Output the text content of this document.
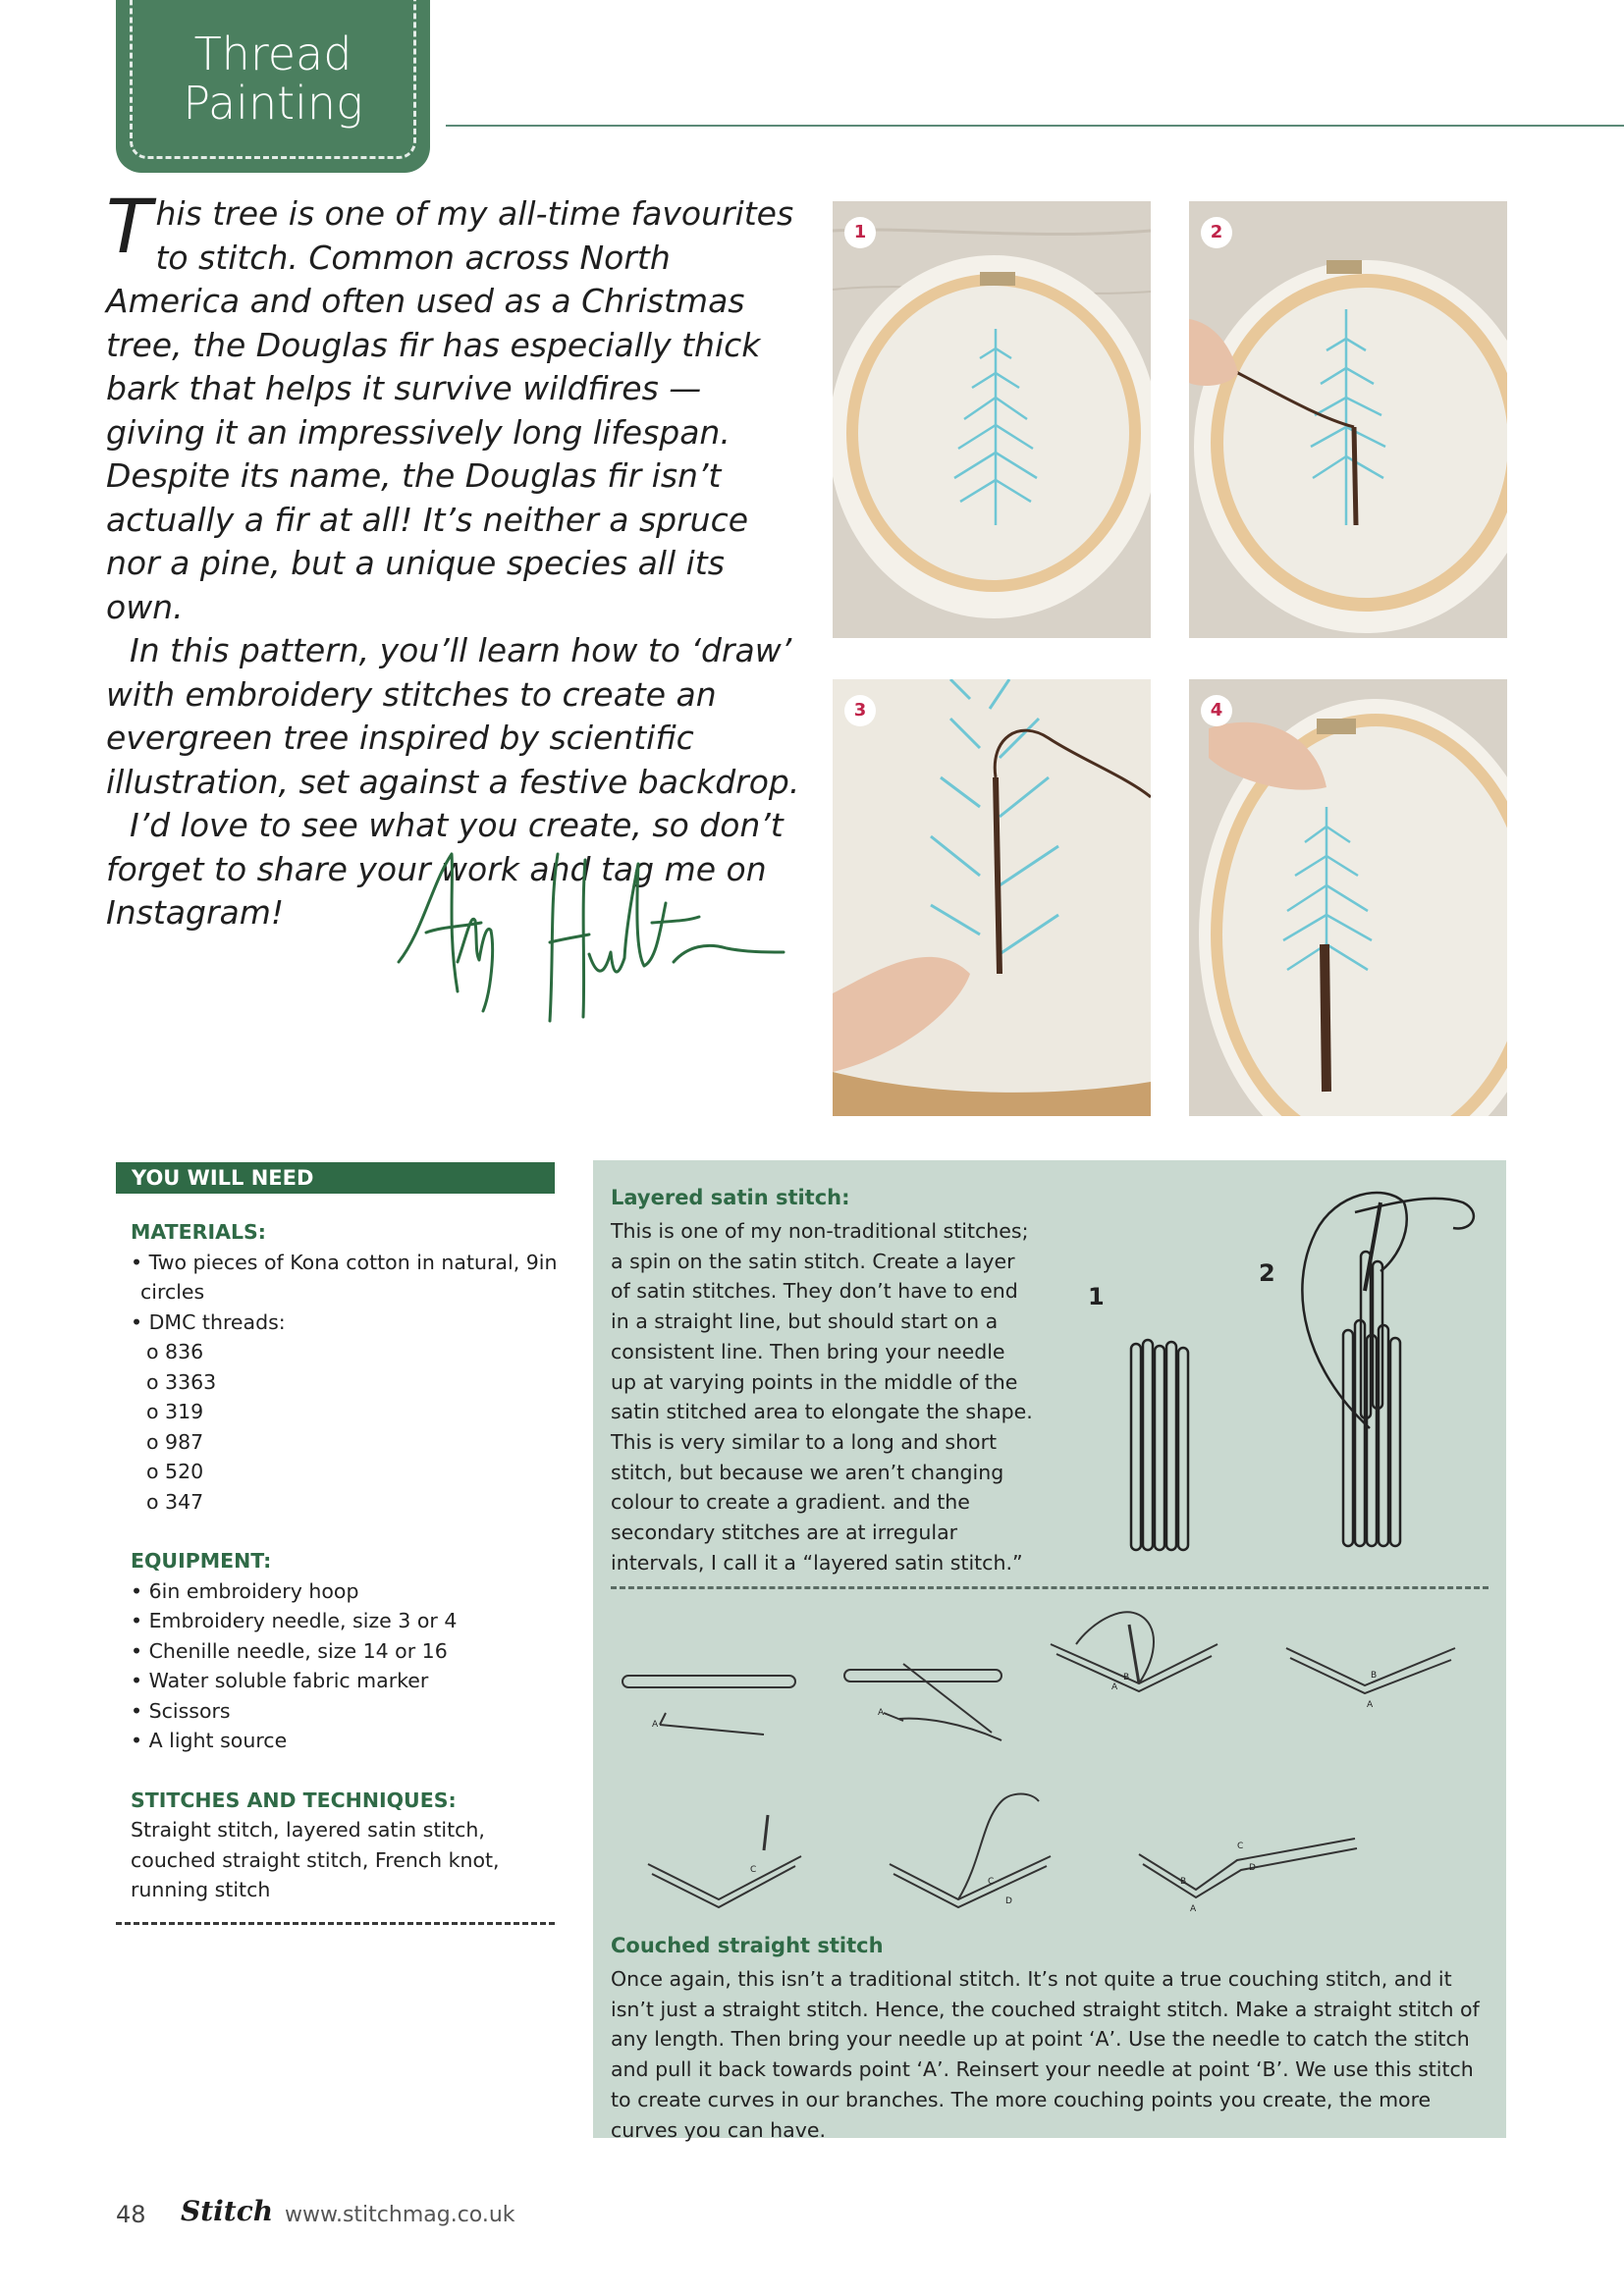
Thread
Painting

This tree is one of my all-time favourites to stitch. Common across North America and often used as a Christmas tree, the Douglas fir has especially thick bark that helps it survive wildfires — giving it an impressively long lifespan. Despite its name, the Douglas fir isn’t actually a fir at all! It’s neither a spruce nor a pine, but a unique species all its own.

In this pattern, you’ll learn how to ‘draw’ with embroidery stitches to create an evergreen tree inspired by scientific illustration, set against a festive backdrop.

I’d love to see what you create, so don’t forget to share your work and tag me on Instagram!

1	2
3	4
YOU WILL NEED
MATERIALS:
• Two pieces of Kona cotton in natural, 9in circles
• DMC threads:
o 836
o 3363
o 319
o 987
o 520
o 347
EQUIPMENT:
• 6in embroidery hoop
• Embroidery needle, size 3 or 4
• Chenille needle, size 14 or 16
• Water soluble fabric marker
• Scissors
• A light source
STITCHES AND TECHNIQUES:
Straight stitch, layered satin stitch, couched straight stitch, French knot, running stitch
Layered satin stitch:
This is one of my non-traditional stitches; a spin on the satin stitch. Create a layer of satin stitches. They don’t have to end in a straight line, but should start on a consistent line. Then bring your needle up at varying points in the middle of the satin stitched area to elongate the shape. This is very similar to a long and short stitch, but because we aren’t changing colour to create a gradient. and the secondary stitches are at irregular intervals, I call it a “layered satin stitch.”
1
2
A
A
A
B
A
B
C
C
D
B
A
C
D
Couched straight stitch
Once again, this isn’t a traditional stitch. It’s not quite a true couching stitch, and it isn’t just a straight stitch. Hence, the couched straight stitch. Make a straight stitch of any length. Then bring your needle up at point ‘A’. Use the needle to catch the stitch and pull it back towards point ‘A’. Reinsert your needle at point ‘B’. We use this stitch to create curves in our branches. The more couching points you create, the more curves you can have.
48 Stitch www.stitchmag.co.uk
